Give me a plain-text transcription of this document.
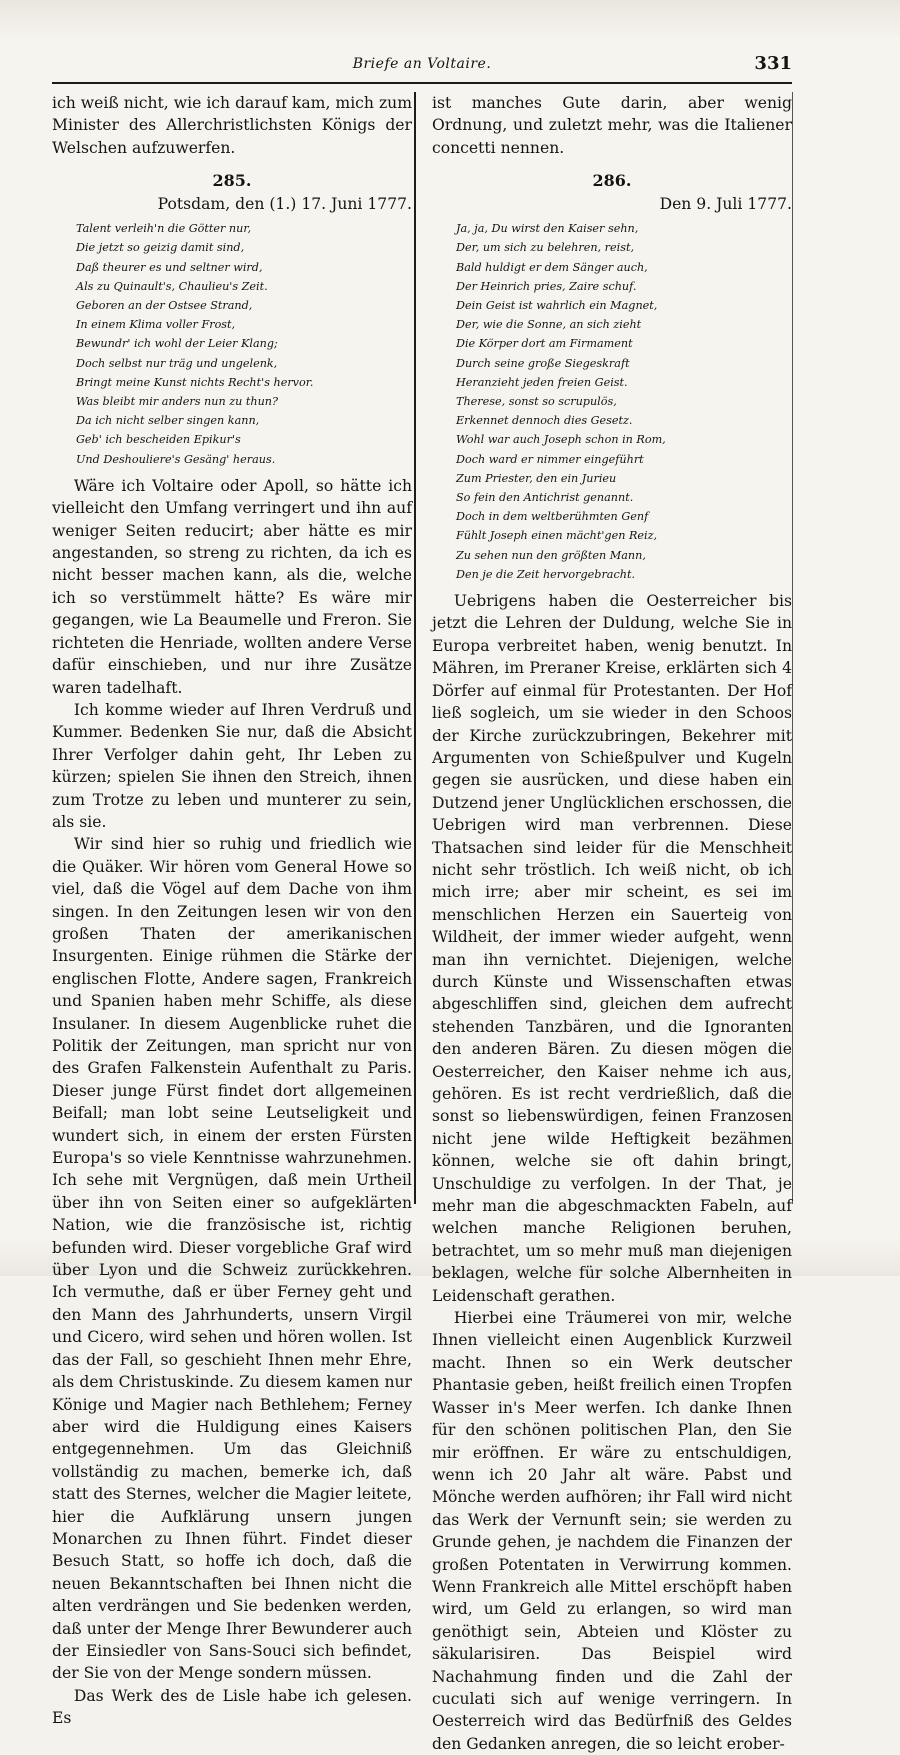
Briefe an Voltaire.	331

ich weiß nicht, wie ich darauf kam, mich zum Minister des Allerchristlichsten Königs der Welschen aufzuwerfen.

285.
Potsdam, den (1.) 17. Juni 1777.
Talent verleih'n die Götter nur,
Die jetzt so geizig damit sind,
Daß theurer es und seltner wird,
Als zu Quinault's, Chaulieu's Zeit.
Geboren an der Ostsee Strand,
In einem Klima voller Frost,
Bewundr' ich wohl der Leier Klang;
Doch selbst nur träg und ungelenk,
Bringt meine Kunst nichts Recht's hervor.
Was bleibt mir anders nun zu thun?
Da ich nicht selber singen kann,
Geb' ich bescheiden Epikur's
Und Deshouliere's Gesäng' heraus.

Wäre ich Voltaire oder Apoll, so hätte ich vielleicht den Umfang verringert und ihn auf weniger Seiten reducirt; aber hätte es mir angestanden, so streng zu richten, da ich es nicht besser machen kann, als die, welche ich so verstümmelt hätte? Es wäre mir gegangen, wie La Beaumelle und Freron. Sie richteten die Henriade, wollten andere Verse dafür einschieben, und nur ihre Zusätze waren tadelhaft.

Ich komme wieder auf Ihren Verdruß und Kummer. Bedenken Sie nur, daß die Absicht Ihrer Verfolger dahin geht, Ihr Leben zu kürzen; spielen Sie ihnen den Streich, ihnen zum Trotze zu leben und munterer zu sein, als sie.

Wir sind hier so ruhig und friedlich wie die Quäker. Wir hören vom General Howe so viel, daß die Vögel auf dem Dache von ihm singen. In den Zeitungen lesen wir von den großen Thaten der amerikanischen Insurgenten. Einige rühmen die Stärke der englischen Flotte, Andere sagen, Frankreich und Spanien haben mehr Schiffe, als diese Insulaner. In diesem Augenblicke ruhet die Politik der Zeitungen, man spricht nur von des Grafen Falkenstein Aufenthalt zu Paris. Dieser junge Fürst findet dort allgemeinen Beifall; man lobt seine Leutseligkeit und wundert sich, in einem der ersten Fürsten Europa's so viele Kenntnisse wahrzunehmen. Ich sehe mit Vergnügen, daß mein Urtheil über ihn von Seiten einer so aufgeklärten Nation, wie die französische ist, richtig befunden wird. Dieser vorgebliche Graf wird über Lyon und die Schweiz zurückkehren. Ich vermuthe, daß er über Ferney geht und den Mann des Jahrhunderts, unsern Virgil und Cicero, wird sehen und hören wollen. Ist das der Fall, so geschieht Ihnen mehr Ehre, als dem Christuskinde. Zu diesem kamen nur Könige und Magier nach Bethlehem; Ferney aber wird die Huldigung eines Kaisers entgegennehmen. Um das Gleichniß vollständig zu machen, bemerke ich, daß statt des Sternes, welcher die Magier leitete, hier die Aufklärung unsern jungen Monarchen zu Ihnen führt. Findet dieser Besuch Statt, so hoffe ich doch, daß die neuen Bekanntschaften bei Ihnen nicht die alten verdrängen und Sie bedenken werden, daß unter der Menge Ihrer Bewunderer auch der Einsiedler von Sans-Souci sich befindet, der Sie von der Menge sondern müssen.

Das Werk des de Lisle habe ich gelesen. Es

ist manches Gute darin, aber wenig Ordnung, und zuletzt mehr, was die Italiener concetti nennen.

286.
Den 9. Juli 1777.
Ja, ja, Du wirst den Kaiser sehn,
Der, um sich zu belehren, reist,
Bald huldigt er dem Sänger auch,
Der Heinrich pries, Zaire schuf.
Dein Geist ist wahrlich ein Magnet,
Der, wie die Sonne, an sich zieht
Die Körper dort am Firmament
Durch seine große Siegeskraft
Heranzieht jeden freien Geist.
Therese, sonst so scrupulös,
Erkennet dennoch dies Gesetz.
Wohl war auch Joseph schon in Rom,
Doch ward er nimmer eingeführt
Zum Priester, den ein Jurieu
So fein den Antichrist genannt.
Doch in dem weltberühmten Genf
Fühlt Joseph einen mächt'gen Reiz,
Zu sehen nun den größten Mann,
Den je die Zeit hervorgebracht.

Uebrigens haben die Oesterreicher bis jetzt die Lehren der Duldung, welche Sie in Europa verbreitet haben, wenig benutzt. In Mähren, im Preraner Kreise, erklärten sich 4 Dörfer auf einmal für Protestanten. Der Hof ließ sogleich, um sie wieder in den Schoos der Kirche zurückzubringen, Bekehrer mit Argumenten von Schießpulver und Kugeln gegen sie ausrücken, und diese haben ein Dutzend jener Unglücklichen erschossen, die Uebrigen wird man verbrennen. Diese Thatsachen sind leider für die Menschheit nicht sehr tröstlich. Ich weiß nicht, ob ich mich irre; aber mir scheint, es sei im menschlichen Herzen ein Sauerteig von Wildheit, der immer wieder aufgeht, wenn man ihn vernichtet. Diejenigen, welche durch Künste und Wissenschaften etwas abgeschliffen sind, gleichen dem aufrecht stehenden Tanzbären, und die Ignoranten den anderen Bären. Zu diesen mögen die Oesterreicher, den Kaiser nehme ich aus, gehören. Es ist recht verdrießlich, daß die sonst so liebenswürdigen, feinen Franzosen nicht jene wilde Heftigkeit bezähmen können, welche sie oft dahin bringt, Unschuldige zu verfolgen. In der That, je mehr man die abgeschmackten Fabeln, auf welchen manche Religionen beruhen, betrachtet, um so mehr muß man diejenigen beklagen, welche für solche Albernheiten in Leidenschaft gerathen.

Hierbei eine Träumerei von mir, welche Ihnen vielleicht einen Augenblick Kurzweil macht. Ihnen so ein Werk deutscher Phantasie geben, heißt freilich einen Tropfen Wasser in's Meer werfen. Ich danke Ihnen für den schönen politischen Plan, den Sie mir eröffnen. Er wäre zu entschuldigen, wenn ich 20 Jahr alt wäre. Pabst und Mönche werden aufhören; ihr Fall wird nicht das Werk der Vernunft sein; sie werden zu Grunde gehen, je nachdem die Finanzen der großen Potentaten in Verwirrung kommen. Wenn Frankreich alle Mittel erschöpft haben wird, um Geld zu erlangen, so wird man genöthigt sein, Abteien und Klöster zu säkularisiren. Das Beispiel wird Nachahmung finden und die Zahl der cuculati sich auf wenige verringern. In Oesterreich wird das Bedürfniß des Geldes den Gedanken anregen, die so leicht erober-
